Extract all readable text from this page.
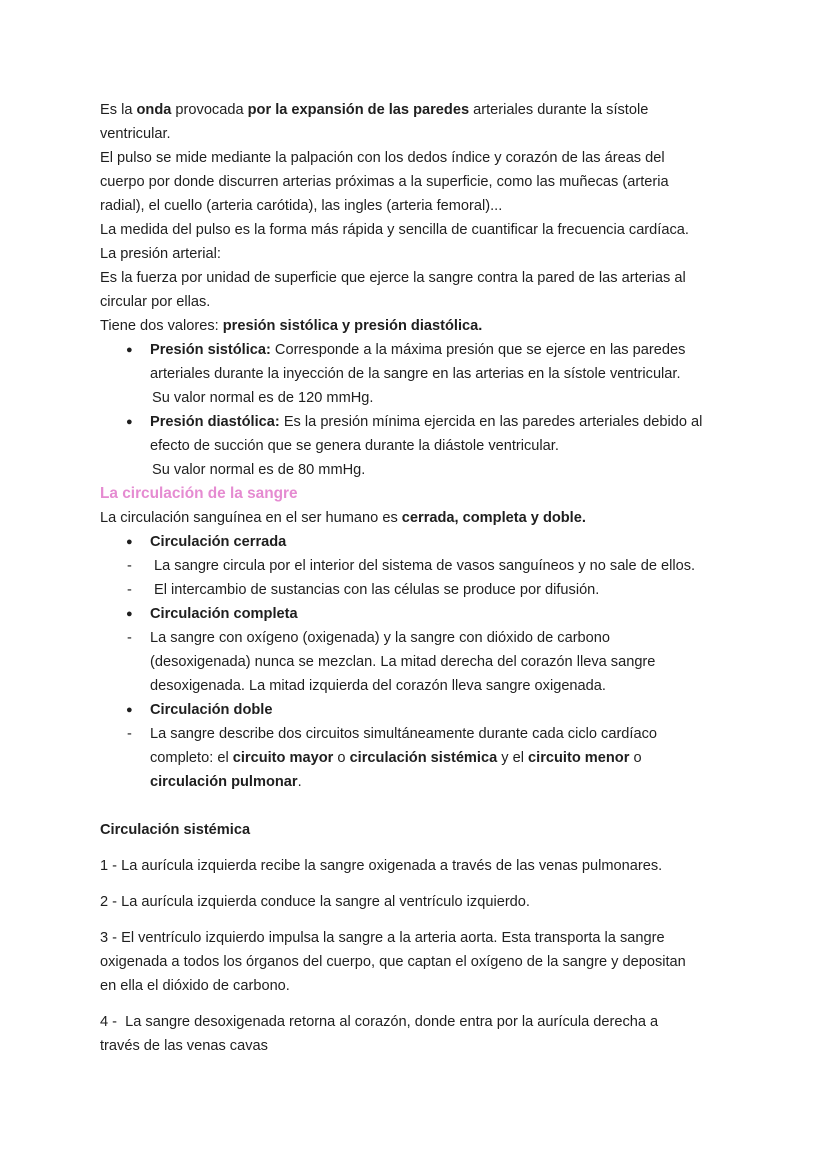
Es la onda provocada por la expansión de las paredes arteriales durante la sístole
ventricular.
El pulso se mide mediante la palpación con los dedos índice y corazón de las áreas del
cuerpo por donde discurren arterias próximas a la superficie, como las muñecas (arteria
radial), el cuello (arteria carótida), las ingles (arteria femoral)...
La medida del pulso es la forma más rápida y sencilla de cuantificar la frecuencia cardíaca.
La presión arterial:
Es la fuerza por unidad de superficie que ejerce la sangre contra la pared de las arterias al
circular por ellas.
Tiene dos valores: presión sistólica y presión diastólica.
● Presión sistólica: Corresponde a la máxima presión que se ejerce en las paredes
arteriales durante la inyección de la sangre en las arterias en la sístole ventricular.
Su valor normal es de 120 mmHg.
● Presión diastólica: Es la presión mínima ejercida en las paredes arteriales debido al
efecto de succión que se genera durante la diástole ventricular.
Su valor normal es de 80 mmHg.
La circulación de la sangre
La circulación sanguínea en el ser humano es cerrada, completa y doble.
● Circulación cerrada
- La sangre circula por el interior del sistema de vasos sanguíneos y no sale de ellos.
- El intercambio de sustancias con las células se produce por difusión.
● Circulación completa
- La sangre con oxígeno (oxigenada) y la sangre con dióxido de carbono
(desoxigenada) nunca se mezclan. La mitad derecha del corazón lleva sangre
desoxigenada. La mitad izquierda del corazón lleva sangre oxigenada.
● Circulación doble
- La sangre describe dos circuitos simultáneamente durante cada ciclo cardíaco
completo: el circuito mayor o circulación sistémica y el circuito menor o
circulación pulmonar.
Circulación sistémica
1 - La aurícula izquierda recibe la sangre oxigenada a través de las venas pulmonares.
2 - La aurícula izquierda conduce la sangre al ventrículo izquierdo.
3 - El ventrículo izquierdo impulsa la sangre a la arteria aorta. Esta transporta la sangre
oxigenada a todos los órganos del cuerpo, que captan el oxígeno de la sangre y depositan
en ella el dióxido de carbono.
4 -  La sangre desoxigenada retorna al corazón, donde entra por la aurícula derecha a
través de las venas cavas
